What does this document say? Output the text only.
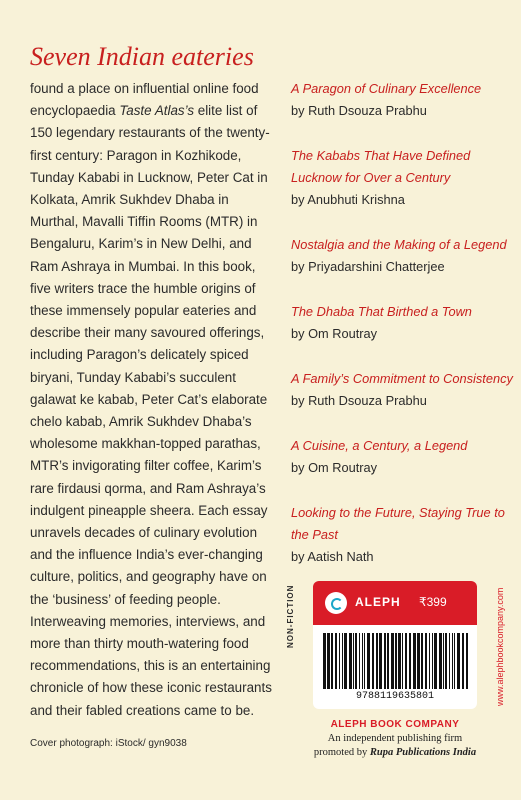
Seven Indian eateries
found a place on influential online food encyclopaedia Taste Atlas’s elite list of 150 legendary restaurants of the twenty-first century: Paragon in Kozhikode, Tunday Kababi in Lucknow, Peter Cat in Kolkata, Amrik Sukhdev Dhaba in Murthal, Mavalli Tiffin Rooms (MTR) in Bengaluru, Karim’s in New Delhi, and Ram Ashraya in Mumbai. In this book, five writers trace the humble origins of these immensely popular eateries and describe their many savoured offerings, including Paragon’s delicately spiced biryani, Tunday Kababi’s succulent galawat ke kabab, Peter Cat’s elaborate chelo kabab, Amrik Sukhdev Dhaba’s wholesome makkhan-topped parathas, MTR’s invigorating filter coffee, Karim’s rare firdausi qorma, and Ram Ashraya’s indulgent pineapple sheera. Each essay unravels decades of culinary evolution and the influence India’s ever-changing culture, politics, and geography have on the ‘business’ of feeding people. Interweaving memories, interviews, and more than thirty mouth-watering food recommendations, this is an entertaining chronicle of how these iconic restaurants and their fabled creations came to be.
A Paragon of Culinary Excellence
by Ruth Dsouza Prabhu
The Kababs That Have Defined Lucknow for Over a Century
by Anubhuti Krishna
Nostalgia and the Making of a Legend
by Priyadarshini Chatterjee
The Dhaba That Birthed a Town
by Om Routray
A Family’s Commitment to Consistency
by Ruth Dsouza Prabhu
A Cuisine, a Century, a Legend
by Om Routray
Looking to the Future, Staying True to the Past
by Aatish Nath
NON-FICTION	ALEPH ₹399
9788119635801	www.alephbookcompany.com
ALEPH BOOK COMPANY
An independent publishing firm
promoted by Rupa Publications India
Cover photograph: iStock/ gyn9038
